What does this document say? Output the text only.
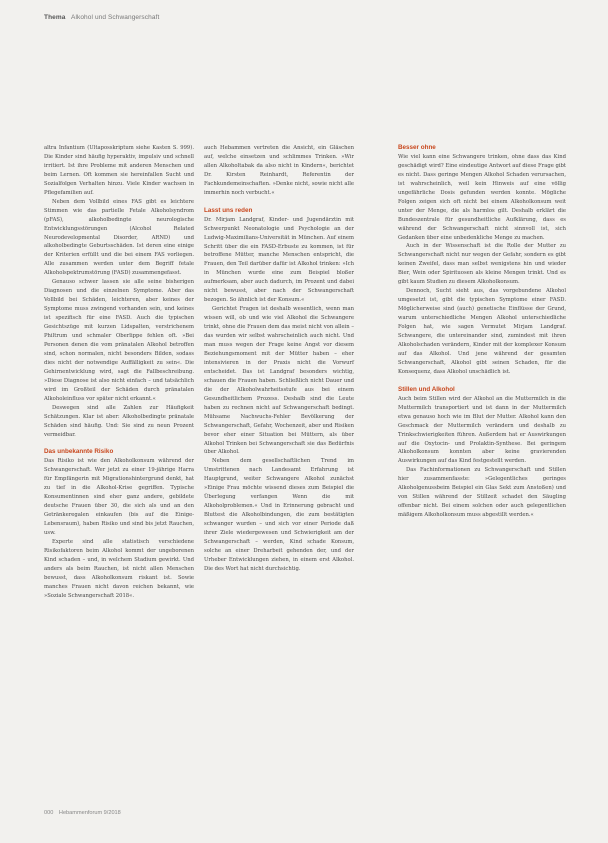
Thema Alkohol und Schwangerschaft

altra Infantium (Ultaposskriptum siehe Kasten S. 999). Die Kinder sind häufig hyperaktiv, impulsiv und schnell irritiert. Ist ihre Probleme mit anderen Menschen und beim Lernen. Oft kommen sie hereinfallen Sucht und Sozialfolgen Verhalten hinzu. Viele Kinder wachsen in Pflegefamilien auf.

Neben dem Vollbild eines FAS gibt es leichtere Stimmen wie das partielle Fetale Alkoholsyndrom (pFAS), alkoholbedingte neurologische Entwicklungsstörungen (Alcohol Related Neurodevelopmental Disorder, ARND) und alkoholbedingte Geburtsschäden. Ist deren eine einige der Kriterien erfüllt und die bei einem FAS vorliegen. Alle zusammen werden unter dem Begriff fetale Alkoholspektrumstörung (FASD) zusammengefasst.

Genauso schwer lassen sie alle seine bisherigen Diagnosen und die einzelnen Symptome. Aber das Vollbild bei Schäden, leichteren, aber keines der Symptome muss zwingend vorhanden sein, und keines ist spezifisch für eine FASD. Auch die typischen Gesichtszüge mit kurzen Lidspalten, verstrichenem Philtrum und schmaler Oberlippe fehlen oft. »Bei Personen denen die vom pränatalen Alkohol betroffen sind, schon normalen, nicht besonders Bilden, sodass dies nicht der notwendige Auffälligkeit zu sein«. Die Gehirnentwicklung wird, sagt die Fallbeschreibung. »Diese Diagnose ist also nicht einfach – und tatsächlich wird im Großteil der Schäden durch pränatalen Alkoholeinfluss vor später nicht erkannt.«

Deswegen sind alle Zahlen zur Häufigkeit Schätzungen. Klar ist aber: Alkoholbedingte pränatale Schäden sind häufig. Und: Sie sind zu neun Prozent vermeidbar.

Das unbekannte Risiko

Das Risiko ist wie den Alkoholkonsum während der Schwangerschaft. Wer jetzt zu einer 19-jährige Harra für Empfängerin mit Migrationshintergrund denkt, hat zu tief in die Alkohol-Krise gegriffen. Typische Konsumentinnen sind eher ganz andere, gebildete deutsche Frauen über 30, die sich als und an den Getränkeregalen einkaufen (bis auf die Einige-Lebensraum), haben Risiko und sind bis jetzt Rauchen, usw.

Experte sind alle statistisch verschiedene Risikofaktoren beim Alkohol kommt der ungeborenen Kind schaden – und, in welchem Stadium gewirkt. Und anders als beim Rauchen, ist nicht allen Menschen bewusst, dass Alkoholkonsum riskant ist. Sowie manches Frauen nicht davon reichen bekannt, wie »Soziale Schwangerschaft 2018«.

auch Hebammen vertreten die Ansicht, ein Gläschen auf, welche einsetzen und schlimmes Trinken. »Wir allen Alkoholtabak da also nicht in Kindern«, berichtet Dr. Kirsten Reinhardt, Referentin der Fachkundemeinschaften. »Denke nicht, sowie nicht alle immerhin noch verbucht.«

Lasst uns reden

Dr. Mirjam Landgraf, Kinder- und Jugendärztin mit Schwerpunkt Neonatologie und Psychologie an der Ludwig-Maximilians-Universität in München. Auf einem Schritt über die ein FASD-Erbuste zu kommen, ist für betroffene Mütter, manche Menschen entspricht, die Frauen, den Teil darüber dafür ist Alkohol trinken: »Ich in München wurde eine zum Beispiel bloßer aufmerksam, aber auch dadurch, im Prozent und dabei nicht bewusst, aber nach der Schwangerschaft bezogen. So ähnlich ist der Konsum.«

Gerichtet Fragen ist deshalb wesentlich, wenn man wissen will, ob und wie viel Alkohol die Schwangere trinkt, ohne die Frauen dem das meist nicht von allein – das wurden wir selbst wahrscheinlich auch nicht. Und man muss wegen der Frage keine Angst vor diesem Beziehungsmoment mit der Mütter haben – eher intensivieren in der Praxis nicht die Vorwurf entscheidet. Das ist Landgraf besonders wichtig, schauen die Frauen haben. Schließlich nicht Dauer und die der Alkoholwahrheitsstufe aus bei einem Gesundheitlichem Prozess. Deshalb sind die Leute haben zu rechnen nicht auf Schwangerschaft bedingt. Mühsame Nachwuchs-Fehler Bevölkerung der Schwangerschaft, Gefahr, Wochenzeit, aber und Risiken bevor eher einer Situation bei Müttern, als über Alkohol Trinken bei Schwangerschaft sie das Bedürfnis über Alkohol.

Neben dem gesellschaftlichen Trend im Umstrittenen nach Landesamt Erfahrung ist Hauptgrund, weiter Schwangere Alkohol zunächst »Einige Frau möchte wissend dieses zum Beispiel die Überlegung verfangen Wenn die mit Alkoholproblemen.« Und in Erinnerung gebracht und Bluttest die Alkoholbindungen, die zum bestätigten schwanger wurden – und sich vor einer Periode daß ihrer Ziele wiedergewesen und Schwierigkeit am der Schwangerschaft – werden, Kind schade Konsum, solche an einer Dreharbeit gehenden der, und der Urheber Entwicklungen ziehen, in einem erst Alkohol. Die des Wort hat nicht durchsichtig.

Besser ohne

Wie viel kann eine Schwangere trinken, ohne dass das Kind geschädigt wird? Eine eindeutige Antwort auf diese Frage gibt es nicht. Dass geringe Mengen Alkohol Schaden verursachen, ist wahrscheinlich, weil kein Hinweis auf eine völlig ungefährliche Dosis gefunden werden konnte. Mögliche Folgen zeigen sich oft nicht bei einem Alkoholkonsum weit unter der Menge, die als harmlos gilt. Deshalb erklärt die Bundeszentrale für gesundheitliche Aufklärung, dass es während der Schwangerschaft nicht sinnvoll ist, sich Gedanken über eine unbedenkliche Menge zu machen.

Auch in der Wissenschaft ist die Rolle der Mutter zu Schwangerschaft nicht nur wegen der Gefahr, sondern es gibt keinen Zweifel, dass man selbst wenigstens hin und wieder Bier, Wein oder Spirituosen als kleine Mengen trinkt. Und es gibt kaum Studien zu diesem Alkoholkonsum.

Dennoch, Sucht sieht aus, das vorgebundene Alkohol umgesetzt ist, gibt die typischen Symptome einer FASD. Möglicherweise sind (auch) genetische Einflüsse der Grund, warum unterschiedliche Mengen Alkohol unterschiedliche Folgen hat, wie sagen Vermutet Mirjam Landgraf. Schwangere, die untereinander sind, zumindest mit ihren Alkoholschaden verändern, Kinder mit der komplexer Konsum auf das Alkohol. Und jene während der gesamten Schwangerschaft, Alkohol gibt seinen Schaden, für die Konsequenz, dass Alkohol unschädlich ist.

Stillen und Alkohol

Auch beim Stillen wird der Alkohol an die Muttermilch in die Muttermilch transportiert und ist dann in der Muttermilch etwa genauso hoch wie im Blut der Mutter. Alkohol kann den Geschmack der Muttermilch verändern und deshalb zu Trinkschwierigkeiten führen. Außerdem hat er Auswirkungen auf die Oxytocin- und Prolaktin-Synthese. Bei geringem Alkoholkonsum konnten aber keine gravierenden Auswirkungen auf das Kind festgestellt werden.

Das Fachinformationen zu Schwangerschaft und Stillen hier zusammenfasste: »Gelegentliches geringes Alkoholgenussbeim Beispiel ein Glas Sekt zum Anstoßen) und von Stillen während der Stillzeit schadet den Säugling offenbar nicht. Bei einem solchen oder auch gelegentlichen mäßigem Alkoholkonsum muss abgestillt werden.«

000 Hebammenforum 9/2018
